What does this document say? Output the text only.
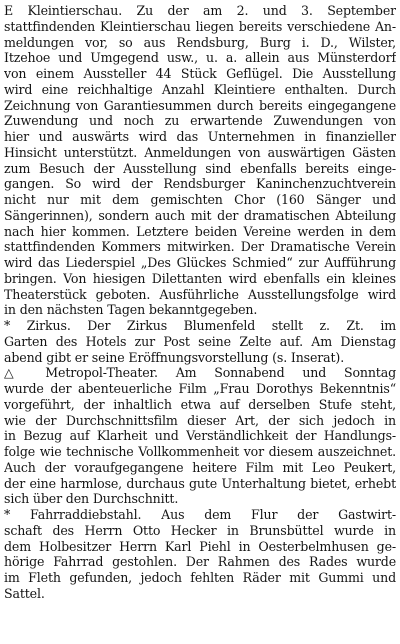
E Kleintierschau. Zu der am 2. und 3. September
stattfindenden Kleintierschau liegen bereits verschiedene An-
meldungen vor, so aus Rendsburg, Burg i. D., Wilster,
Itzehoe und Umgegend usw., u. a. allein aus Münsterdorf
von einem Aussteller 44 Stück Geflügel. Die Ausstellung
wird eine reichhaltige Anzahl Kleintiere enthalten. Durch
Zeichnung von Garantiesummen durch bereits eingegangene
Zuwendung und noch zu erwartende Zuwendungen von
hier und auswärts wird das Unternehmen in finanzieller
Hinsicht unterstützt. Anmeldungen von auswärtigen Gästen
zum Besuch der Ausstellung sind ebenfalls bereits einge-
gangen. So wird der Rendsburger Kaninchenzuchtverein
nicht nur mit dem gemischten Chor (160 Sänger und
Sängerinnen), sondern auch mit der dramatischen Abteilung
nach hier kommen. Letztere beiden Vereine werden in dem
stattfindenden Kommers mitwirken. Der Dramatische Verein
wird das Liederspiel „Des Glückes Schmied“ zur Aufführung
bringen. Von hiesigen Dilettanten wird ebenfalls ein kleines
Theaterstück geboten. Ausführliche Ausstellungsfolge wird
in den nächsten Tagen bekanntgegeben.
* Zirkus. Der Zirkus Blumenfeld stellt z. Zt. im
Garten des Hotels zur Post seine Zelte auf. Am Dienstag
abend gibt er seine Eröffnungsvorstellung (s. Inserat).
△ Metropol-Theater. Am Sonnabend und Sonntag
wurde der abenteuerliche Film „Frau Dorothys Bekenntnis“
vorgeführt, der inhaltlich etwa auf derselben Stufe steht,
wie der Durchschnittsfilm dieser Art, der sich jedoch in
in Bezug auf Klarheit und Verständlichkeit der Handlungs-
folge wie technische Vollkommenheit vor diesem auszeichnet.
Auch der voraufgegangene heitere Film mit Leo Peukert,
der eine harmlose, durchaus gute Unterhaltung bietet, erhebt
sich über den Durchschnitt.
* Fahrraddiebstahl. Aus dem Flur der Gastwirt-
schaft des Herrn Otto Hecker in Brunsbüttel wurde in
dem Holbesitzer Herrn Karl Piehl in Oesterbelmhusen ge-
hörige Fahrrad gestohlen. Der Rahmen des Rades wurde
im Fleth gefunden, jedoch fehlten Räder mit Gummi und
Sattel.
